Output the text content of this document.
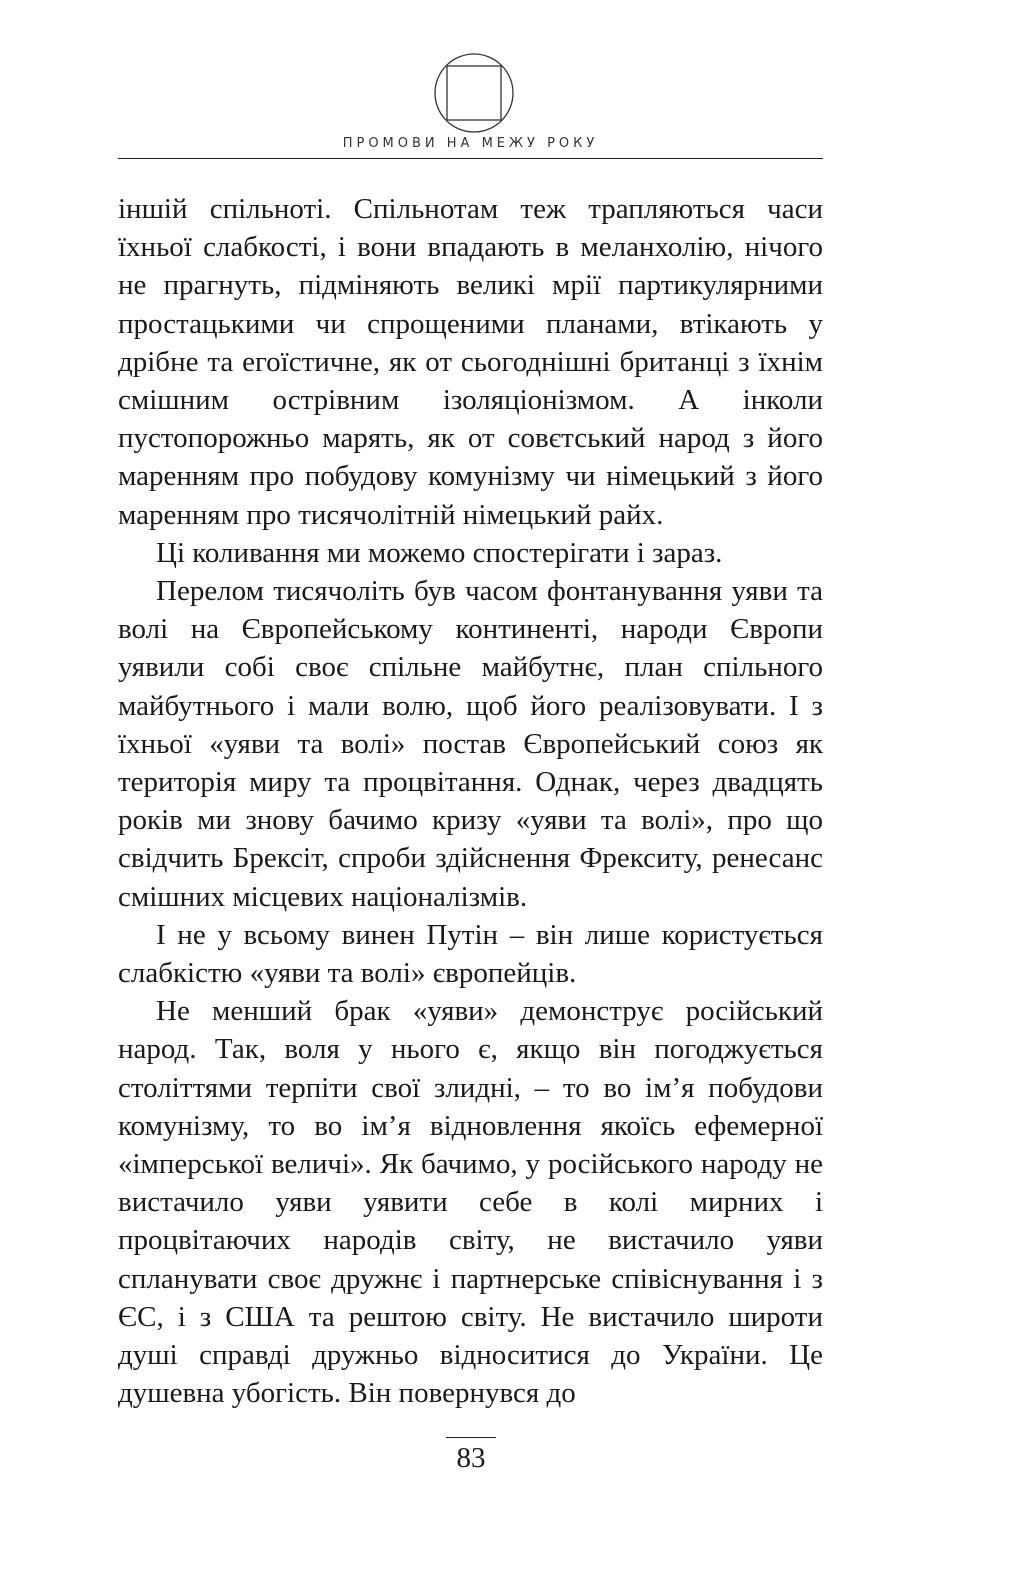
ПРОМОВИ НА МЕЖУ РОКУ

іншій спільноті. Спільнотам теж трапляються часи їхньої слабкості, і вони впадають в меланхолію, нічого не прагнуть, підміняють великі мрії партикулярними простацькими чи спрощеними планами, втікають у дрібне та егоїстичне, як от сьогоднішні британці з їхнім смішним острівним ізоляціонізмом. А інколи пустопорожньо марять, як от совєтський народ з його маренням про побудову комунізму чи німецький з його маренням про тисячолітній німецький райх.

Ці коливання ми можемо спостерігати і зараз.

Перелом тисячоліть був часом фонтанування уяви та волі на Європейському континенті, народи Європи уявили собі своє спільне майбутнє, план спільного майбутнього і мали волю, щоб його реалізовувати. І з їхньої «уяви та волі» постав Європейський союз як територія миру та процвітання. Однак, через двадцять років ми знову бачимо кризу «уяви та волі», про що свідчить Брексіт, спроби здійснення Фрекситу, ренесанс смішних місцевих націоналізмів.

І не у всьому винен Путін – він лише користується слабкістю «уяви та волі» європейців.

Не менший брак «уяви» демонструє російський народ. Так, воля у нього є, якщо він погоджується століттями терпіти свої злидні, – то во ім’я побудови комунізму, то во ім’я відновлення якоїсь ефемерної «імперської величі». Як бачимо, у російського народу не вистачило уяви уявити себе в колі мирних і процвітаючих народів світу, не вистачило уяви спланувати своє дружнє і партнерське співіснування і з ЄС, і з США та рештою світу. Не вистачило широти душі справді дружньо відноситися до України. Це душевна убогість. Він повернувся до

83
